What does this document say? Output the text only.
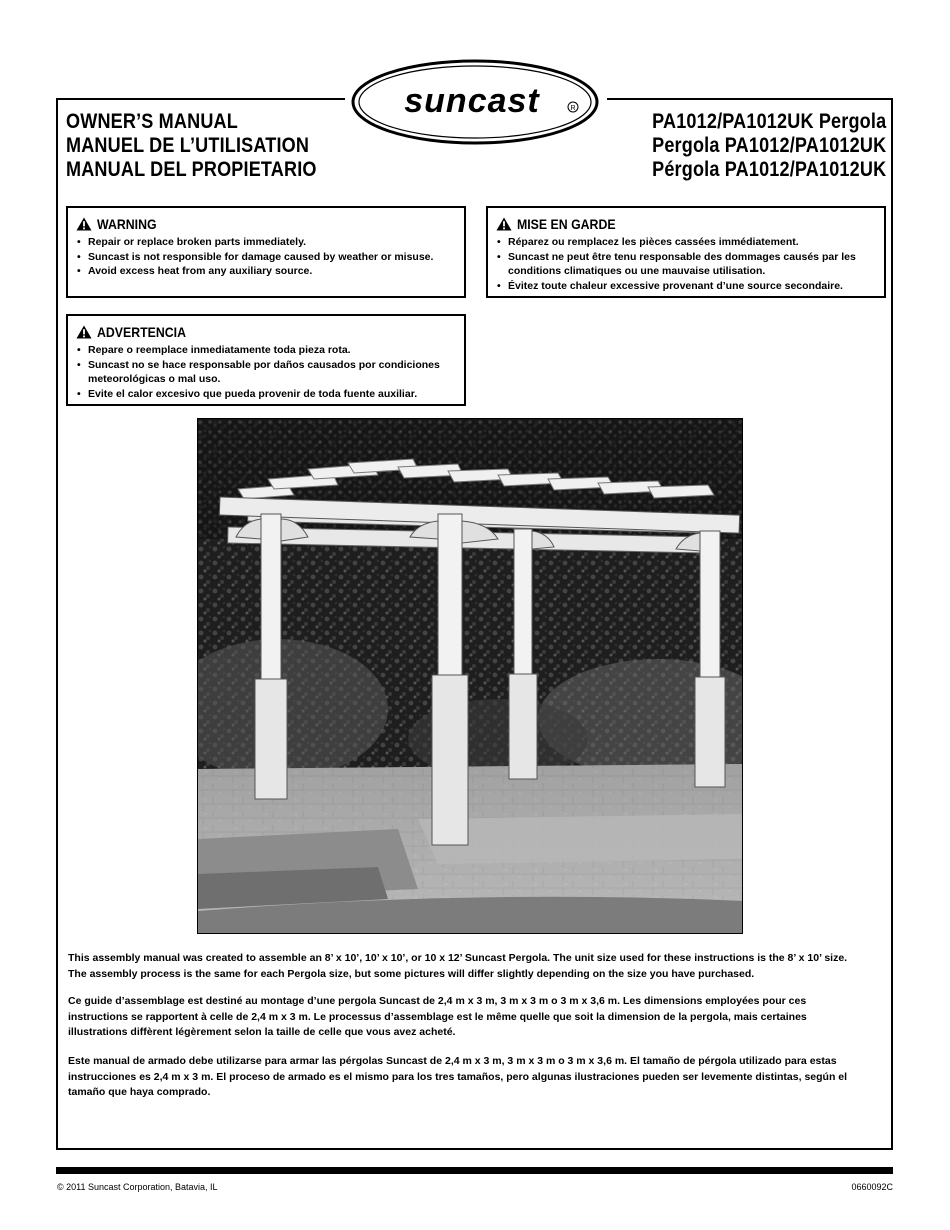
suncast	R
OWNER’S MANUAL
MANUEL DE L’UTILISATION
MANUAL DEL PROPIETARIO
PA1012/PA1012UK Pergola
Pergola PA1012/PA1012UK
Pérgola PA1012/PA1012UK
WARNING
• Repair or replace broken parts immediately.
• Suncast is not responsible for damage caused by weather or misuse.
• Avoid excess heat from any auxiliary source.
MISE EN GARDE
• Réparez ou remplacez les pièces cassées immédiatement.
• Suncast ne peut être tenu responsable des dommages causés par les conditions climatiques ou une mauvaise utilisation.
• Évitez toute chaleur excessive provenant d’une source secondaire.
ADVERTENCIA
• Repare o reemplace inmediatamente toda pieza rota.
• Suncast no se hace responsable por daños causados por condiciones meteorológicas o mal uso.
• Evite el calor excesivo que pueda provenir de toda fuente auxiliar.

This assembly manual was created to assemble an 8’ x 10’, 10’ x 10’, or 10 x 12’ Suncast Pergola. The unit size used for these instructions is the 8’ x 10’ size. The assembly process is the same for each Pergola size, but some pictures will differ slightly depending on the size you have purchased.

Ce guide d’assemblage est destiné au montage d’une pergola Suncast de 2,4 m x 3 m, 3 m x 3 m o 3 m x 3,6 m. Les dimensions employées pour ces instructions se rapportent à celle de 2,4 m x 3 m. Le processus d’assemblage est le même quelle que soit la dimension de la pergola, mais certaines illustrations diffèrent légèrement selon la taille de celle que vous avez acheté.

Este manual de armado debe utilizarse para armar las pérgolas Suncast de 2,4 m x 3 m, 3 m x 3 m o 3 m x 3,6 m. El tamaño de pérgola utilizado para estas instrucciones es 2,4 m x 3 m. El proceso de armado es el mismo para los tres tamaños, pero algunas ilustraciones pueden ser levemente distintas, según el tamaño que haya comprado.

© 2011 Suncast Corporation, Batavia, IL	0660092C
